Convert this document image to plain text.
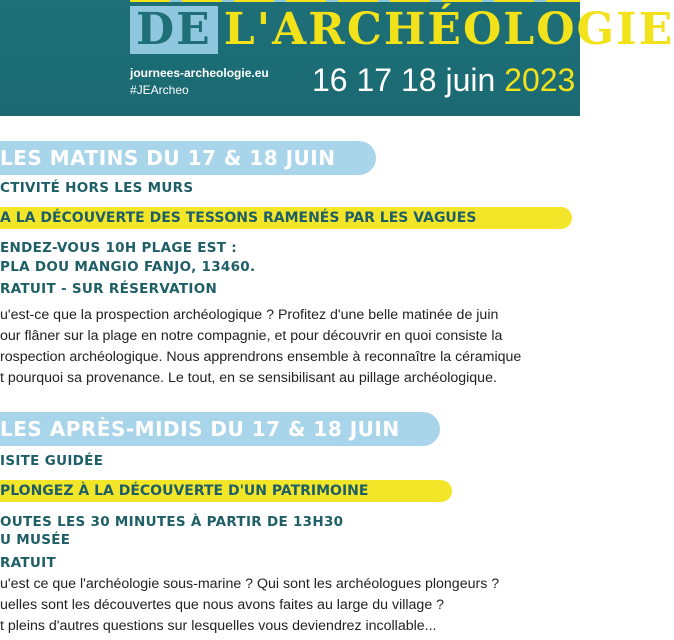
DE L'ARCHÉOLOGIE
journees-archeologie.eu
#JEArcheo	16 17 18 juin 2023
LES MATINS DU 17 & 18 JUIN
CTIVITÉ HORS LES MURS
A LA DÉCOUVERTE DES TESSONS RAMENÉS PAR LES VAGUES
ENDEZ-VOUS 10H PLAGE EST :
PLA DOU MANGIO FANJO, 13460.
RATUIT - SUR RÉSERVATION
u'est-ce que la prospection archéologique ? Profitez d'une belle matinée de juin
our flâner sur la plage en notre compagnie, et pour découvrir en quoi consiste la
rospection archéologique. Nous apprendrons ensemble à reconnaître la céramique
t pourquoi sa provenance. Le tout, en se sensibilisant au pillage archéologique.
LES APRÈS-MIDIS DU 17 & 18 JUIN
ISITE GUIDÉE
PLONGEZ À LA DÉCOUVERTE D'UN PATRIMOINE
OUTES LES 30 MINUTES À PARTIR DE 13H30
U MUSÉE
RATUIT
u'est ce que l'archéologie sous-marine ? Qui sont les archéologues plongeurs ?
uelles sont les découvertes que nous avons faites au large du village ?
t pleins d'autres questions sur lesquelles vous deviendrez incollable...
